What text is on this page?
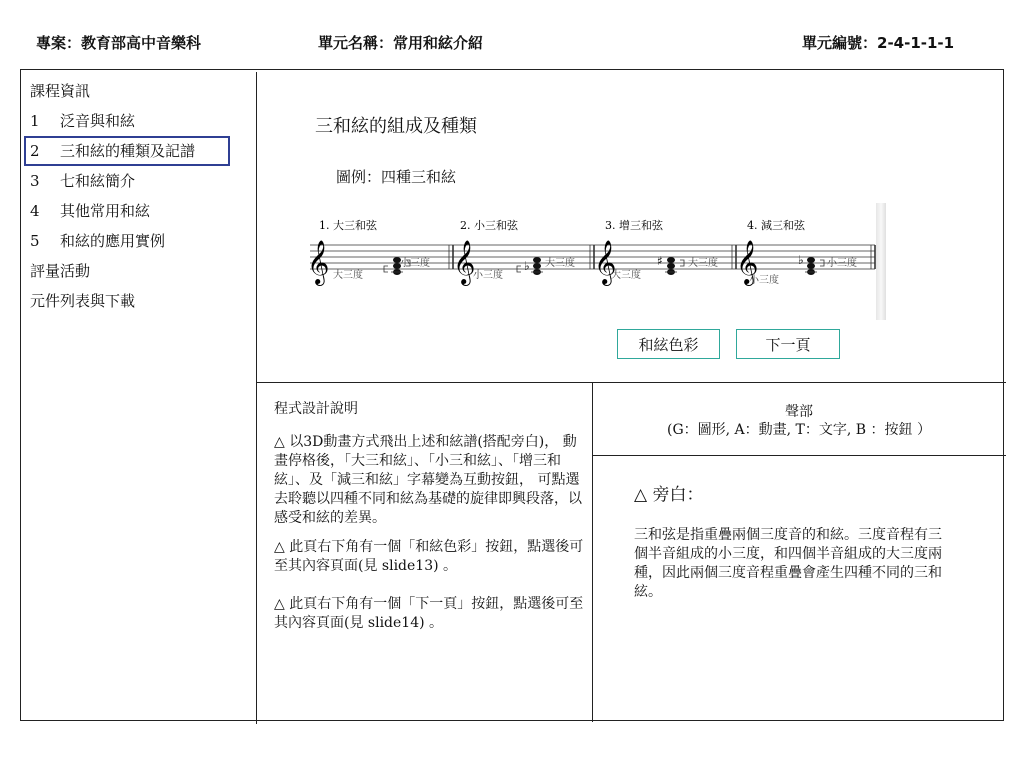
專案：教育部高中音樂科	單元名稱：常用和絃介紹	單元編號：2-4-1-1-1
課程資訊
1 泛音與和絃
2 三和絃的種類及記譜
3 七和絃簡介
4 其他常用和絃
5 和絃的應用實例
評量活動
元件列表與下載
三和絃的組成及種類
圖例：四種三和絃
1. 大三和弦
𝄞 大三度
小三度
2. 小三和弦
𝄞	♭
小三度
大三度
3. 增三和弦
𝄞	♯
大三度
大三度
4. 減三和弦
𝄞	♭
小三度
小三度
和絃色彩	下一頁

程式設計說明

△ 以3D動畫方式飛出上述和絃譜(搭配旁白)， 動畫停格後，「大三和絃」、「小三和絃」、「增三和絃」、及「減三和絃」字幕變為互動按鈕， 可點選去聆聽以四種不同和絃為基礎的旋律即興段落，以感受和絃的差異。

△ 此頁右下角有一個「和絃色彩」按鈕，點選後可至其內容頁面(見 slide13) 。

△ 此頁右下角有一個「下一頁」按鈕，點選後可至其內容頁面(見 slide14) 。

聲部
(G：圖形, A：動畫, T：文字, B ：按鈕 ）
△ 旁白：
三和弦是指重疊兩個三度音的和絃。三度音程有三個半音組成的小三度，和四個半音組成的大三度兩種，因此兩個三度音程重疊會產生四種不同的三和絃。
